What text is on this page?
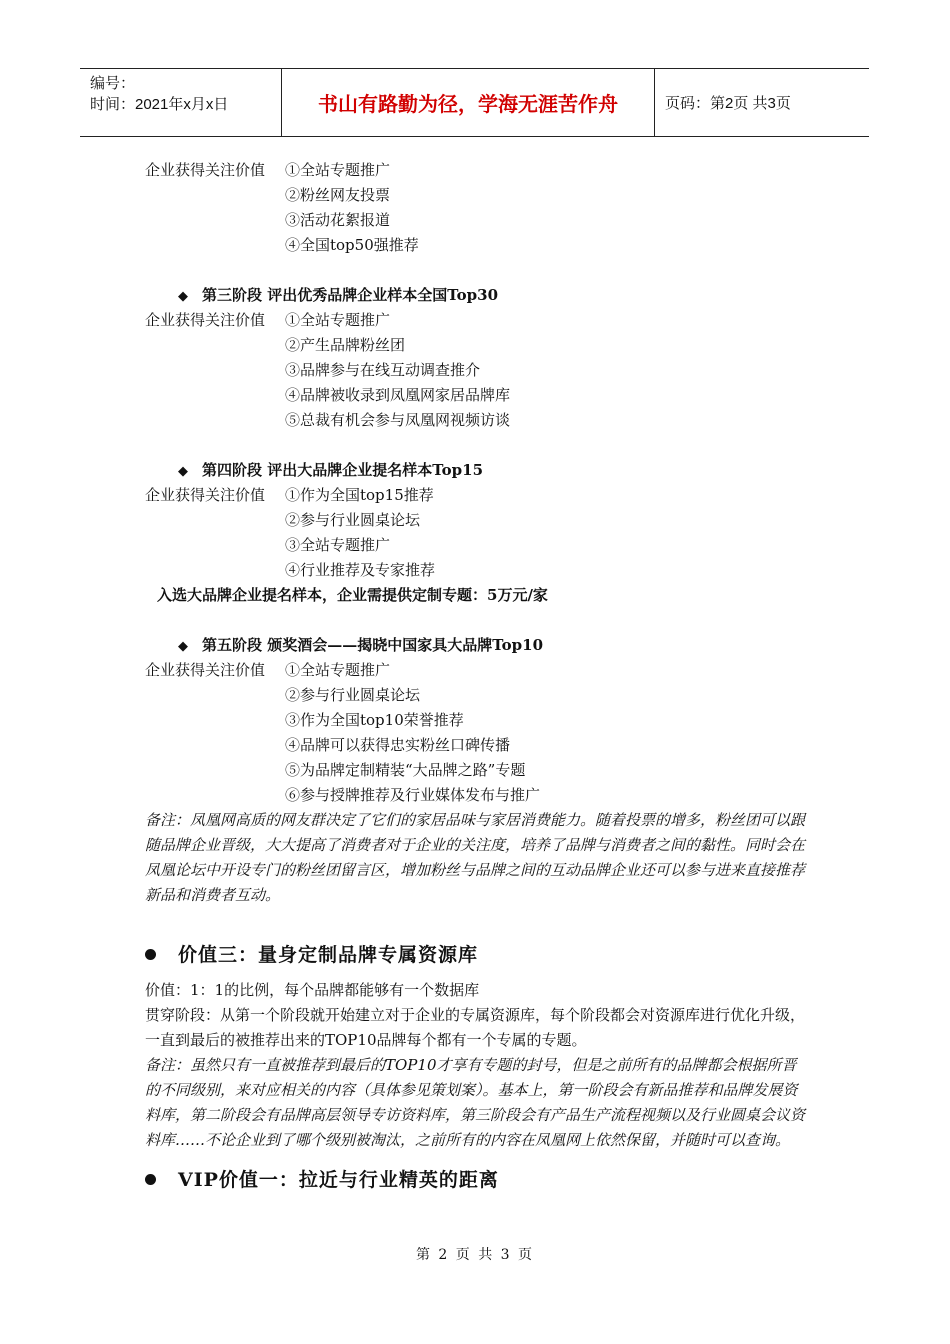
编号：
时间：2021年x月x日	书山有路勤为径，学海无涯苦作舟	页码：第2页 共3页
企业获得关注价值	①全站专题推广
②粉丝网友投票
③活动花絮报道
④全国top50强推荐
◆ 第三阶段 评出优秀品牌企业样本全国Top30
企业获得关注价值	①全站专题推广
②产生品牌粉丝团
③品牌参与在线互动调查推介
④品牌被收录到凤凰网家居品牌库
⑤总裁有机会参与凤凰网视频访谈
◆ 第四阶段 评出大品牌企业提名样本Top15
企业获得关注价值	①作为全国top15推荐
②参与行业圆桌论坛
③全站专题推广
④行业推荐及专家推荐
入选大品牌企业提名样本，企业需提供定制专题：5万元/家
◆ 第五阶段 颁奖酒会——揭晓中国家具大品牌Top10
企业获得关注价值	①全站专题推广
②参与行业圆桌论坛
③作为全国top10荣誉推荐
④品牌可以获得忠实粉丝口碑传播
⑤为品牌定制精装“大品牌之路”专题
⑥参与授牌推荐及行业媒体发布与推广
备注：凤凰网高质的网友群决定了它们的家居品味与家居消费能力。随着投票的增多，粉丝团可以跟随品牌企业晋级，大大提高了消费者对于企业的关注度，培养了品牌与消费者之间的黏性。同时会在凤凰论坛中开设专门的粉丝团留言区，增加粉丝与品牌之间的互动品牌企业还可以参与进来直接推荐新品和消费者互动。
价值三：量身定制品牌专属资源库
价值：1：1的比例，每个品牌都能够有一个数据库
贯穿阶段：从第一个阶段就开始建立对于企业的专属资源库，每个阶段都会对资源库进行优化升级，一直到最后的被推荐出来的TOP10品牌每个都有一个专属的专题。
备注：虽然只有一直被推荐到最后的TOP10才享有专题的封号，但是之前所有的品牌都会根据所晋的不同级别，来对应相关的内容（具体参见策划案）。基本上，第一阶段会有新品推荐和品牌发展资料库，第二阶段会有品牌高层领导专访资料库，第三阶段会有产品生产流程视频以及行业圆桌会议资料库……不论企业到了哪个级别被淘汰，之前所有的内容在凤凰网上依然保留，并随时可以查询。
VIP价值一：拉近与行业精英的距离
第 2 页 共 3 页
